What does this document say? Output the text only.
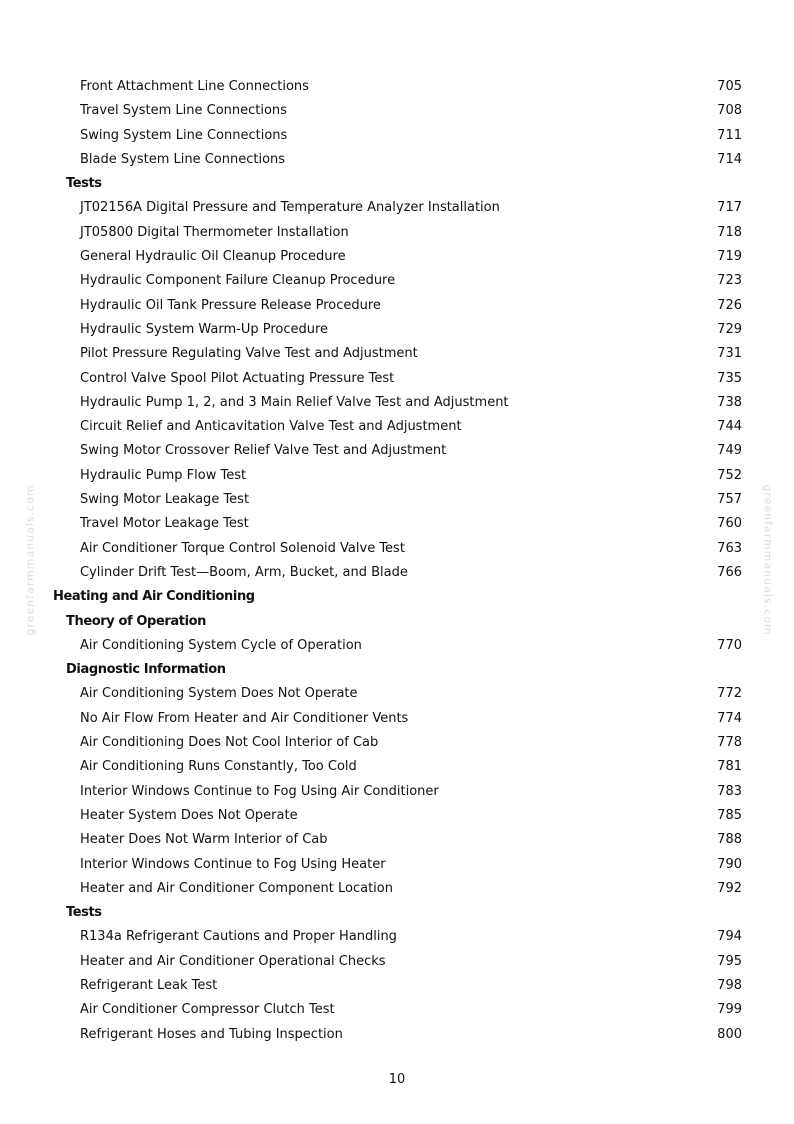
greenfarmmanuals.com	greenfarmmanuals.com
Front Attachment Line Connections	705
Travel System Line Connections	708
Swing System Line Connections	711
Blade System Line Connections	714
Tests
JT02156A Digital Pressure and Temperature Analyzer Installation	717
JT05800 Digital Thermometer Installation	718
General Hydraulic Oil Cleanup Procedure	719
Hydraulic Component Failure Cleanup Procedure	723
Hydraulic Oil Tank Pressure Release Procedure	726
Hydraulic System Warm-Up Procedure	729
Pilot Pressure Regulating Valve Test and Adjustment	731
Control Valve Spool Pilot Actuating Pressure Test	735
Hydraulic Pump 1, 2, and 3 Main Relief Valve Test and Adjustment	738
Circuit Relief and Anticavitation Valve Test and Adjustment	744
Swing Motor Crossover Relief Valve Test and Adjustment	749
Hydraulic Pump Flow Test	752
Swing Motor Leakage Test	757
Travel Motor Leakage Test	760
Air Conditioner Torque Control Solenoid Valve Test	763
Cylinder Drift Test—Boom, Arm, Bucket, and Blade	766
Heating and Air Conditioning
Theory of Operation
Air Conditioning System Cycle of Operation	770
Diagnostic Information
Air Conditioning System Does Not Operate	772
No Air Flow From Heater and Air Conditioner Vents	774
Air Conditioning Does Not Cool Interior of Cab	778
Air Conditioning Runs Constantly, Too Cold	781
Interior Windows Continue to Fog Using Air Conditioner	783
Heater System Does Not Operate	785
Heater Does Not Warm Interior of Cab	788
Interior Windows Continue to Fog Using Heater	790
Heater and Air Conditioner Component Location	792
Tests
R134a Refrigerant Cautions and Proper Handling	794
Heater and Air Conditioner Operational Checks	795
Refrigerant Leak Test	798
Air Conditioner Compressor Clutch Test	799
Refrigerant Hoses and Tubing Inspection	800
10
